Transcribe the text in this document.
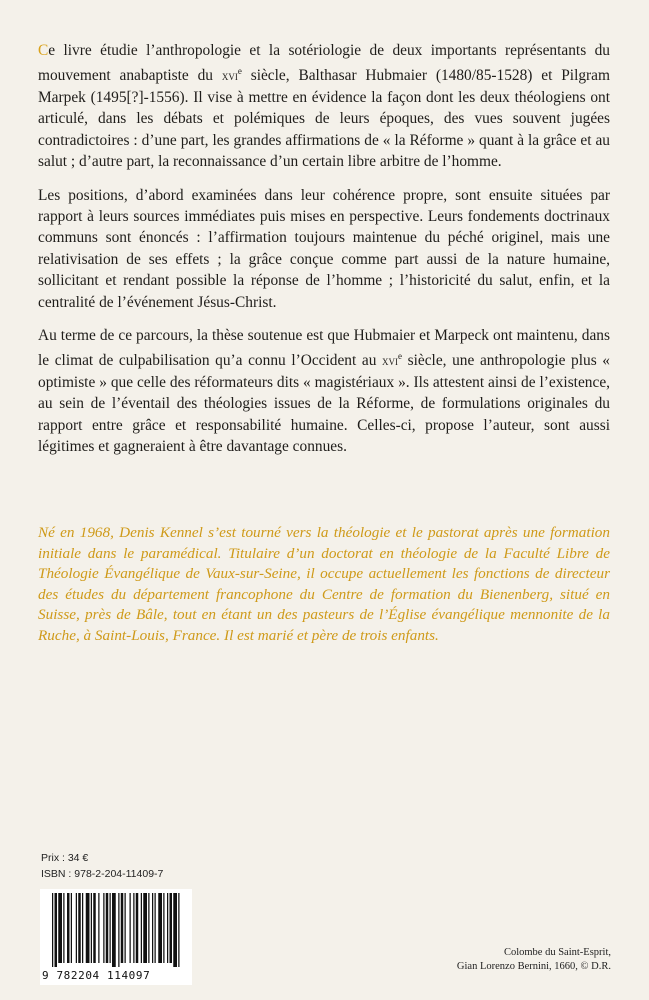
Ce livre étudie l’anthropologie et la sotériologie de deux importants représentants du mouvement anabaptiste du xvi$^e$ siècle, Balthasar Hubmaier (1480/85-1528) et Pilgram Marpek (1495[?]-1556). Il vise à mettre en évidence la façon dont les deux théologiens ont articulé, dans les débats et polémiques de leurs époques, des vues souvent jugées contradictoires : d’une part, les grandes affirmations de « la Réforme » quant à la grâce et au salut ; d’autre part, la reconnaissance d’un certain libre arbitre de l’homme.

Les positions, d’abord examinées dans leur cohérence propre, sont ensuite situées par rapport à leurs sources immédiates puis mises en perspective. Leurs fondements doctrinaux communs sont énoncés : l’affirmation toujours maintenue du péché originel, mais une relativisation de ses effets ; la grâce conçue comme part aussi de la nature humaine, sollicitant et rendant possible la réponse de l’homme ; l’historicité du salut, enfin, et la centralité de l’événement Jésus-Christ.

Au terme de ce parcours, la thèse soutenue est que Hubmaier et Marpeck ont maintenu, dans le climat de culpabilisation qu’a connu l’Occident au xvi$^e$ siècle, une anthropologie plus « optimiste » que celle des réformateurs dits « magistériaux ». Ils attestent ainsi de l’existence, au sein de l’éventail des théologies issues de la Réforme, de formulations originales du rapport entre grâce et responsabilité humaine. Celles-ci, propose l’auteur, sont aussi légitimes et gagneraient à être davantage connues.

Né en 1968, Denis Kennel s’est tourné vers la théologie et le pastorat après une formation initiale dans le paramédical. Titulaire d’un doctorat en théologie de la Faculté Libre de Théologie Évangélique de Vaux-sur-Seine, il occupe actuellement les fonctions de directeur des études du département francophone du Centre de formation du Bienenberg, situé en Suisse, près de Bâle, tout en étant un des pasteurs de l’Église évangélique mennonite de la Ruche, à Saint-Louis, France. Il est marié et père de trois enfants.

Prix : 34 €
ISBN : 978-2-204-11409-7
9 782204 114097
Colombe du Saint-Esprit,
Gian Lorenzo Bernini, 1660, © D.R.
